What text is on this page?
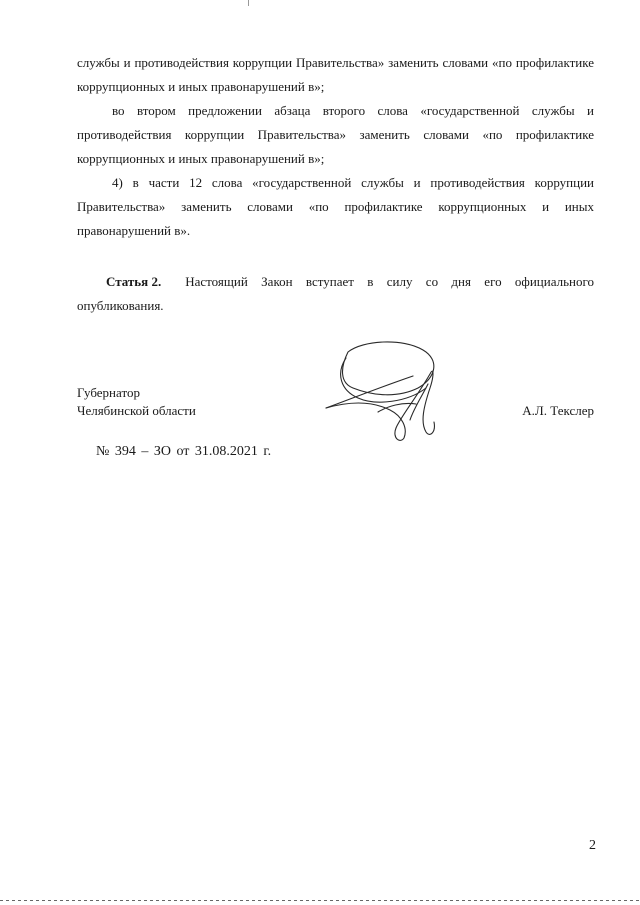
службы и противодействия коррупции Правительства» заменить словами «по профилактике коррупционных и иных правонарушений в»;

во втором предложении абзаца второго слова «государственной службы и противодействия коррупции Правительства» заменить словами «по профилактике коррупционных и иных правонарушений в»;

4) в части 12 слова «государственной службы и противодействия коррупции Правительства» заменить словами «по профилактике коррупционных и иных правонарушений в».

Статья 2. Настоящий Закон вступает в силу со дня его официального опубликования.
Губернатор
Челябинской области	А.Л. Текслер
№ 394 – ЗО от 31.08.2021 г.
2
